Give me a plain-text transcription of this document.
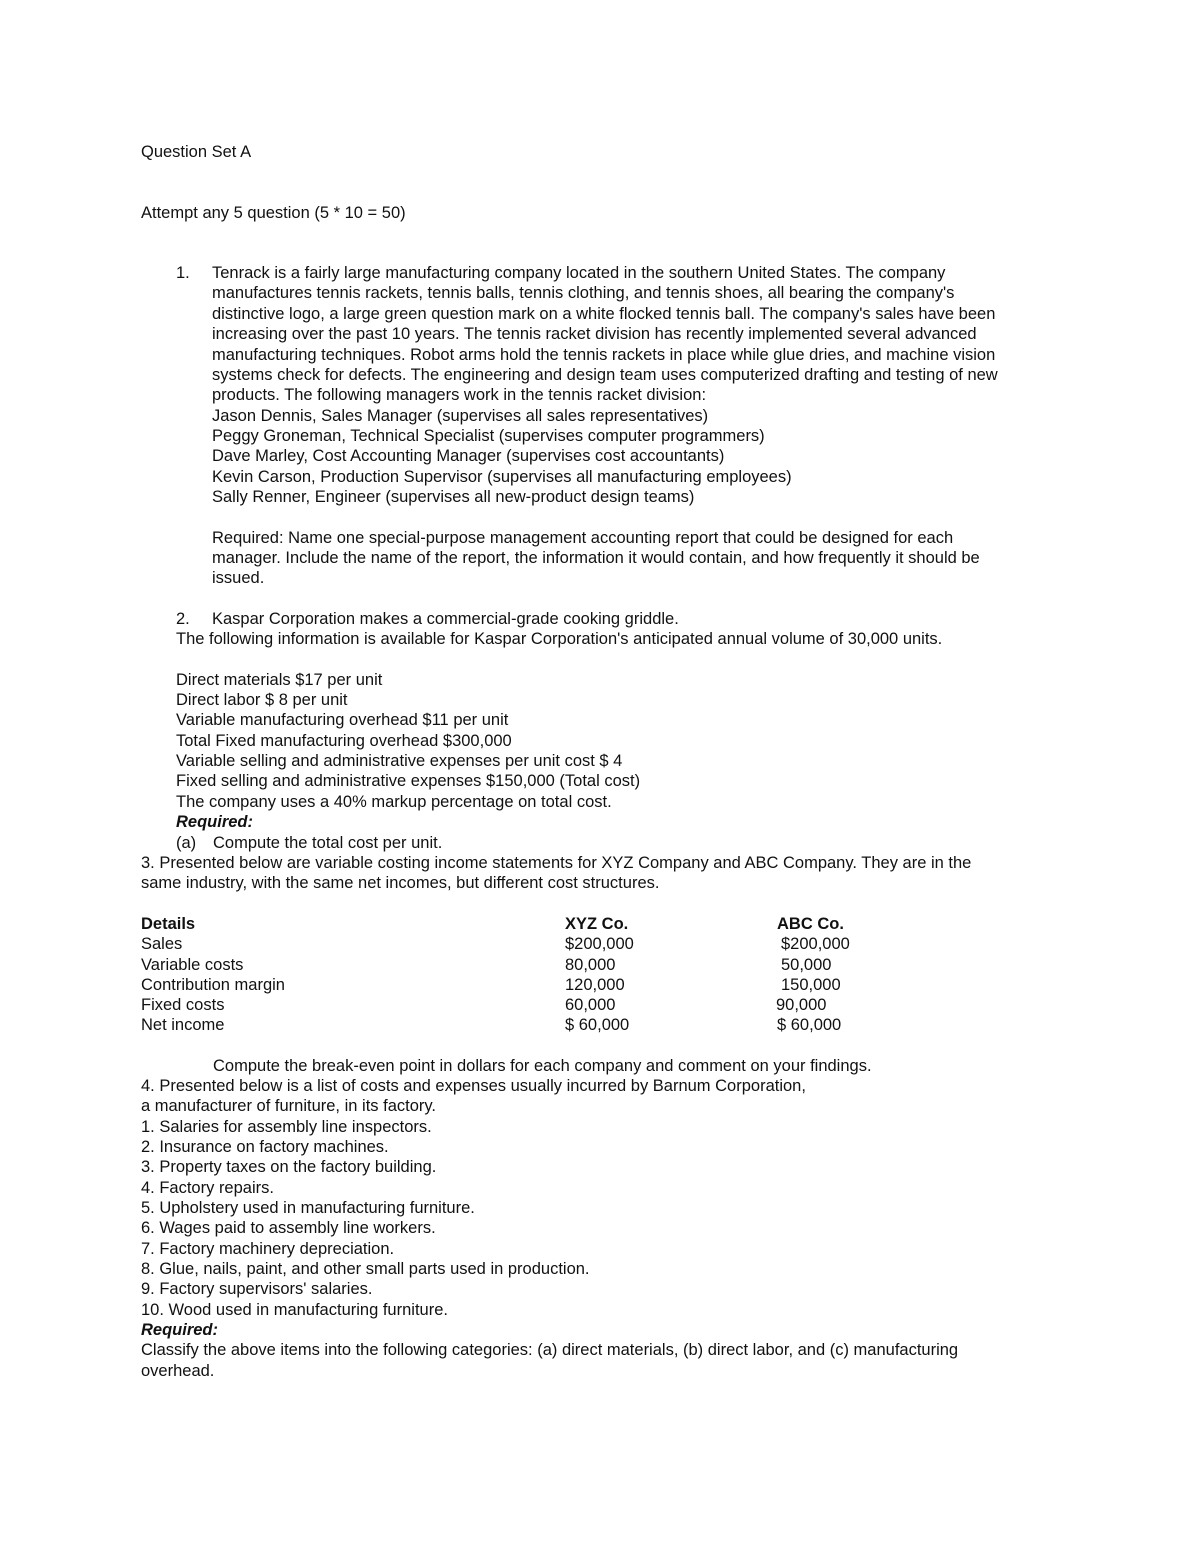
Question Set A
Attempt any 5 question (5 * 10 = 50)
1. Tenrack is a fairly large manufacturing company located in the southern United States. The company
manufactures tennis rackets, tennis balls, tennis clothing, and tennis shoes, all bearing the company's
distinctive logo, a large green question mark on a white flocked tennis ball. The company's sales have been
increasing over the past 10 years. The tennis racket division has recently implemented several advanced
manufacturing techniques. Robot arms hold the tennis rackets in place while glue dries, and machine vision
systems check for defects. The engineering and design team uses computerized drafting and testing of new
products. The following managers work in the tennis racket division:
Jason Dennis, Sales Manager (supervises all sales representatives)
Peggy Groneman, Technical Specialist (supervises computer programmers)
Dave Marley, Cost Accounting Manager (supervises cost accountants)
Kevin Carson, Production Supervisor (supervises all manufacturing employees)
Sally Renner, Engineer (supervises all new-product design teams)
Required: Name one special-purpose management accounting report that could be designed for each
manager. Include the name of the report, the information it would contain, and how frequently it should be
issued.
2. Kaspar Corporation makes a commercial-grade cooking griddle.
The following information is available for Kaspar Corporation's anticipated annual volume of 30,000 units.
Direct materials $17 per unit
Direct labor $ 8 per unit
Variable manufacturing overhead $11 per unit
Total Fixed manufacturing overhead $300,000
Variable selling and administrative expenses per unit cost $ 4
Fixed selling and administrative expenses $150,000 (Total cost)
The company uses a 40% markup percentage on total cost.
Required:
(a) Compute the total cost per unit.
3. Presented below are variable costing income statements for XYZ Company and ABC Company. They are in the
same industry, with the same net incomes, but different cost structures.
Details	XYZ Co.	ABC Co.
Sales	$200,000	$200,000
Variable costs	80,000	50,000
Contribution margin	120,000	150,000
Fixed costs	60,000	90,000
Net income	$ 60,000	$ 60,000
Compute the break-even point in dollars for each company and comment on your findings.
4. Presented below is a list of costs and expenses usually incurred by Barnum Corporation,
a manufacturer of furniture, in its factory.
1. Salaries for assembly line inspectors.
2. Insurance on factory machines.
3. Property taxes on the factory building.
4. Factory repairs.
5. Upholstery used in manufacturing furniture.
6. Wages paid to assembly line workers.
7. Factory machinery depreciation.
8. Glue, nails, paint, and other small parts used in production.
9. Factory supervisors' salaries.
10. Wood used in manufacturing furniture.
Required:
Classify the above items into the following categories: (a) direct materials, (b) direct labor, and (c) manufacturing
overhead.
